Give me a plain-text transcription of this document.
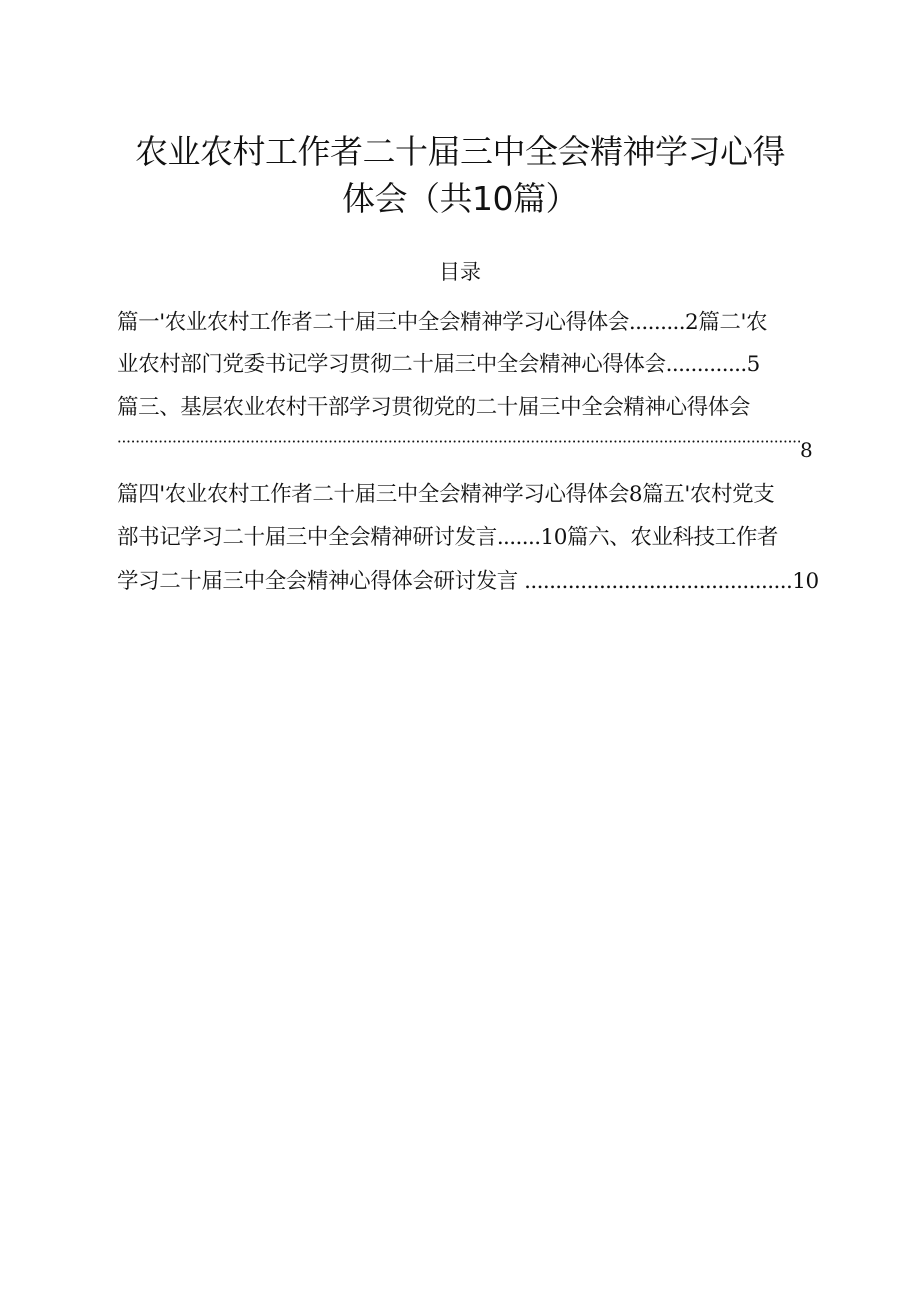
农业农村工作者二十届三中全会精神学习心得
体会（共10篇）
目录
篇一'农业农村工作者二十届三中全会精神学习心得体会.........2篇二'农
业农村部门党委书记学习贯彻二十届三中全会精神心得体会.............5
篇三、基层农业农村干部学习贯彻党的二十届三中全会精神心得体会
8
篇四'农业农村工作者二十届三中全会精神学习心得体会8篇五'农村党支
部书记学习二十届三中全会精神研讨发言.......10篇六、农业科技工作者
学习二十届三中全会精神心得体会研讨发言 ...........................................10
